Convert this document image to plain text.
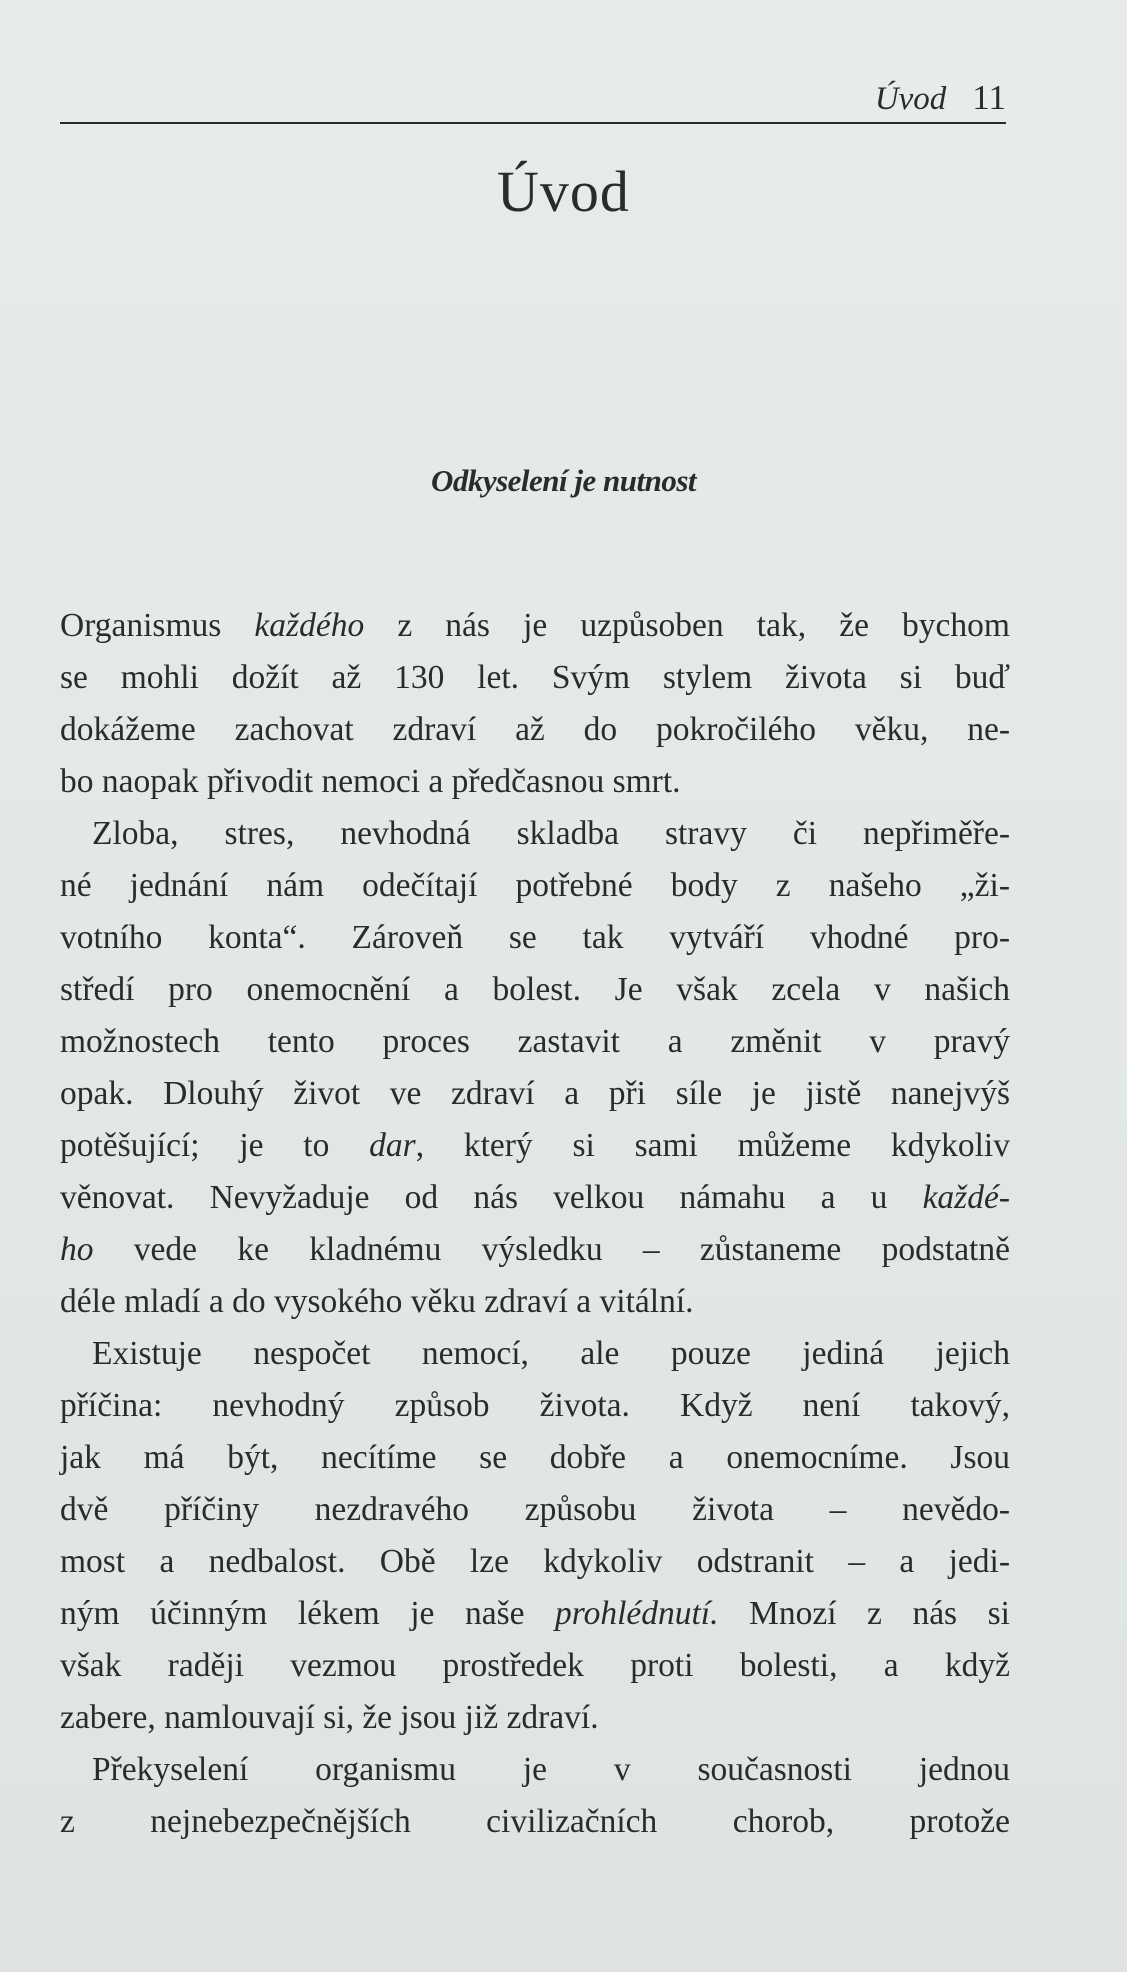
Úvod 11
Úvod
Odkyselení je nutnost
Organismus každého z nás je uzpůsoben tak, že bychom
se mohli dožít až 130 let. Svým stylem života si buď
dokážeme zachovat zdraví až do pokročilého věku, ne-
bo naopak přivodit nemoci a předčasnou smrt.
Zloba, stres, nevhodná skladba stravy či nepřiměře-
né jednání nám odečítají potřebné body z našeho „ži-
votního konta“. Zároveň se tak vytváří vhodné pro-
středí pro onemocnění a bolest. Je však zcela v našich
možnostech tento proces zastavit a změnit v pravý
opak. Dlouhý život ve zdraví a při síle je jistě nanejvýš
potěšující; je to dar, který si sami můžeme kdykoliv
věnovat. Nevyžaduje od nás velkou námahu a u každé-
ho vede ke kladnému výsledku – zůstaneme podstatně
déle mladí a do vysokého věku zdraví a vitální.
Existuje nespočet nemocí, ale pouze jediná jejich
příčina: nevhodný způsob života. Když není takový,
jak má být, necítíme se dobře a onemocníme. Jsou
dvě příčiny nezdravého způsobu života – nevědo-
most a nedbalost. Obě lze kdykoliv odstranit – a jedi-
ným účinným lékem je naše prohlédnutí. Mnozí z nás si
však raději vezmou prostředek proti bolesti, a když
zabere, namlouvají si, že jsou již zdraví.
Překyselení organismu je v současnosti jednou
z nejnebezpečnějších civilizačních chorob, protože
